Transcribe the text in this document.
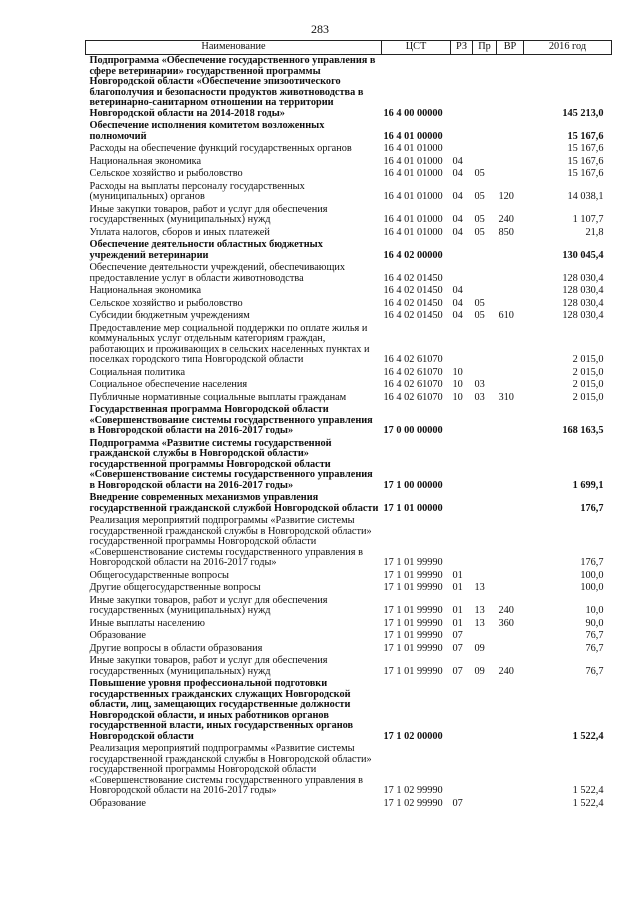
283
Наименование	ЦСТ	РЗ	Пр	ВР	2016 год
Подпрограмма «Обеспечение государственного управления в сфере ветеринарии» государственной программы Новгородской области «Обеспечение эпизоотического благополучия и безопасности продуктов животноводства в ветеринарно-санитарном отношении на территории Новгородской области на 2014-2018 годы»	16 4 00 00000				145 213,0
Обеспечение исполнения комитетом возложенных полномочий	16 4 01 00000				15 167,6
Расходы на обеспечение функций государственных органов	16 4 01 01000				15 167,6
Национальная экономика	16 4 01 01000	04			15 167,6
Сельское хозяйство и рыболовство	16 4 01 01000	04	05		15 167,6
Расходы на выплаты персоналу государственных (муниципальных) органов	16 4 01 01000	04	05	120	14 038,1
Иные закупки товаров, работ и услуг для обеспечения государственных (муниципальных) нужд	16 4 01 01000	04	05	240	1 107,7
Уплата налогов, сборов и иных платежей	16 4 01 01000	04	05	850	21,8
Обеспечение деятельности областных бюджетных учреждений ветеринарии	16 4 02 00000				130 045,4
Обеспечение деятельности учреждений, обеспечивающих предоставление услуг в области животноводства	16 4 02 01450				128 030,4
Национальная экономика	16 4 02 01450	04			128 030,4
Сельское хозяйство и рыболовство	16 4 02 01450	04	05		128 030,4
Субсидии бюджетным учреждениям	16 4 02 01450	04	05	610	128 030,4
Предоставление мер социальной поддержки по оплате жилья и коммунальных услуг отдельным категориям граждан, работающих и проживающих в сельских населенных пунктах и поселках городского типа Новгородской области	16 4 02 61070				2 015,0
Социальная политика	16 4 02 61070	10			2 015,0
Социальное обеспечение населения	16 4 02 61070	10	03		2 015,0
Публичные нормативные социальные выплаты гражданам	16 4 02 61070	10	03	310	2 015,0
Государственная программа Новгородской области «Совершенствование системы государственного управления в Новгородской области на 2016-2017 годы»	17 0 00 00000				168 163,5
Подпрограмма «Развитие системы государственной гражданской службы в Новгородской области» государственной программы Новгородской области «Совершенствование системы государственного управления в Новгородской области на 2016-2017 годы»	17 1 00 00000				1 699,1
Внедрение современных механизмов управления государственной гражданской службой Новгородской области	17 1 01 00000				176,7
Реализация мероприятий подпрограммы «Развитие системы государственной гражданской службы в Новгородской области» государственной программы Новгородской области «Совершенствование системы государственного управления в Новгородской области на 2016-2017 годы»	17 1 01 99990				176,7
Общегосударственные вопросы	17 1 01 99990	01			100,0
Другие общегосударственные вопросы	17 1 01 99990	01	13		100,0
Иные закупки товаров, работ и услуг для обеспечения государственных (муниципальных) нужд	17 1 01 99990	01	13	240	10,0
Иные выплаты населению	17 1 01 99990	01	13	360	90,0
Образование	17 1 01 99990	07			76,7
Другие вопросы в области образования	17 1 01 99990	07	09		76,7
Иные закупки товаров, работ и услуг для обеспечения государственных (муниципальных) нужд	17 1 01 99990	07	09	240	76,7
Повышение уровня профессиональной подготовки государственных гражданских служащих Новгородской области, лиц, замещающих государственные должности Новгородской области, и иных работников органов государственной власти, иных государственных органов Новгородской области	17 1 02 00000				1 522,4
Реализация мероприятий подпрограммы «Развитие системы государственной гражданской службы в Новгородской области» государственной программы Новгородской области «Совершенствование системы государственного управления в Новгородской области на 2016-2017 годы»	17 1 02 99990				1 522,4
Образование	17 1 02 99990	07			1 522,4
